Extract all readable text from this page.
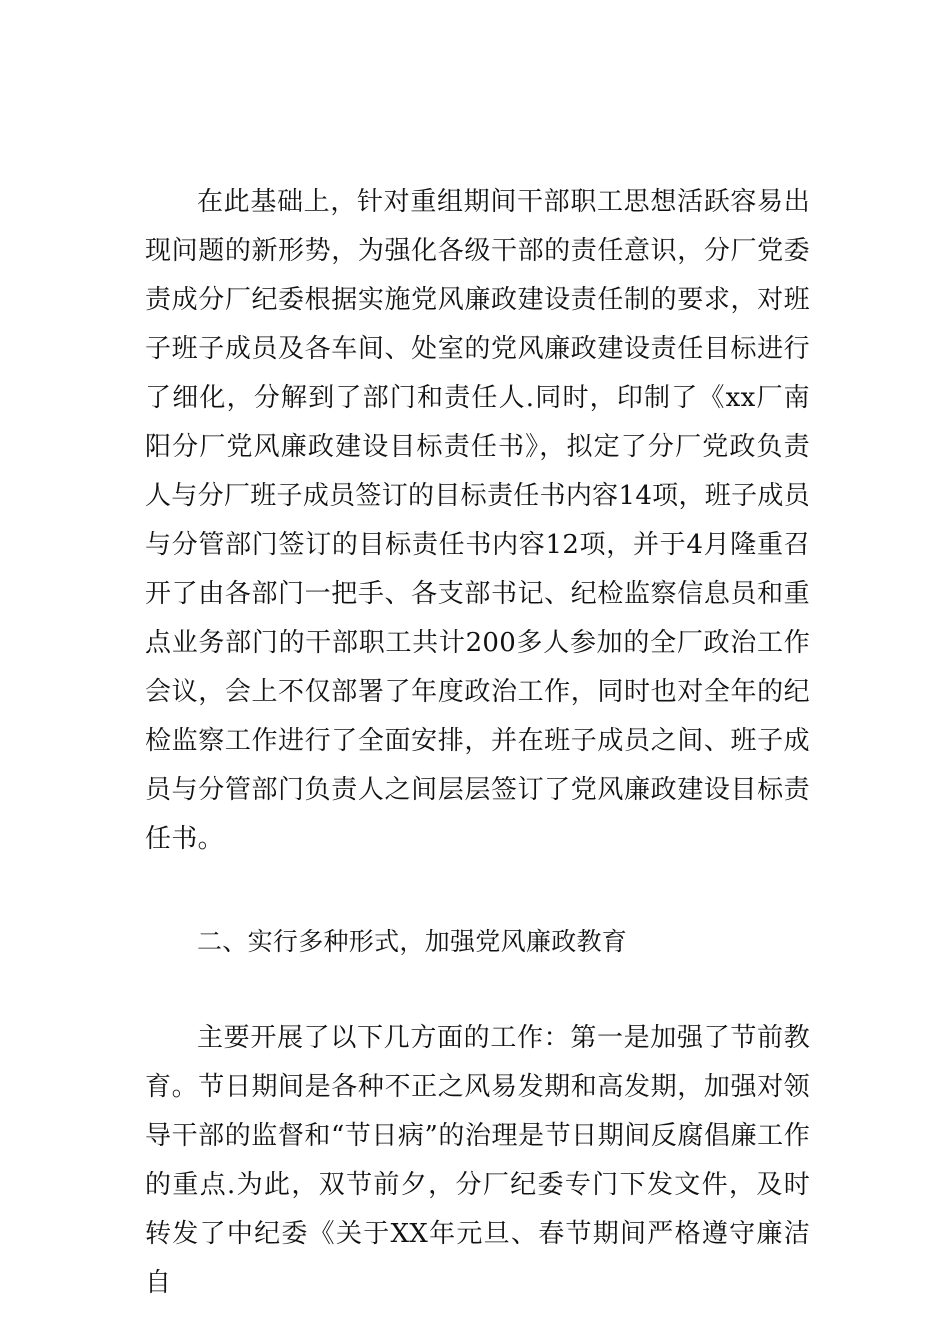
在此基础上，针对重组期间干部职工思想活跃容易出现问题的新形势，为强化各级干部的责任意识，分厂党委责成分厂纪委根据实施党风廉政建设责任制的要求，对班子班子成员及各车间、处室的党风廉政建设责任目标进行了细化，分解到了部门和责任人.同时，印制了《xx厂南阳分厂党风廉政建设目标责任书》，拟定了分厂党政负责人与分厂班子成员签订的目标责任书内容14项，班子成员与分管部门签订的目标责任书内容12项，并于4月隆重召开了由各部门一把手、各支部书记、纪检监察信息员和重点业务部门的干部职工共计200多人参加的全厂政治工作会议，会上不仅部署了年度政治工作，同时也对全年的纪检监察工作进行了全面安排，并在班子成员之间、班子成员与分管部门负责人之间层层签订了党风廉政建设目标责任书。

二、实行多种形式，加强党风廉政教育

主要开展了以下几方面的工作：第一是加强了节前教育。节日期间是各种不正之风易发期和高发期，加强对领导干部的监督和“节日病”的治理是节日期间反腐倡廉工作的重点.为此，双节前夕，分厂纪委专门下发文件，及时转发了中纪委《关于XX年元旦、春节期间严格遵守廉洁自
